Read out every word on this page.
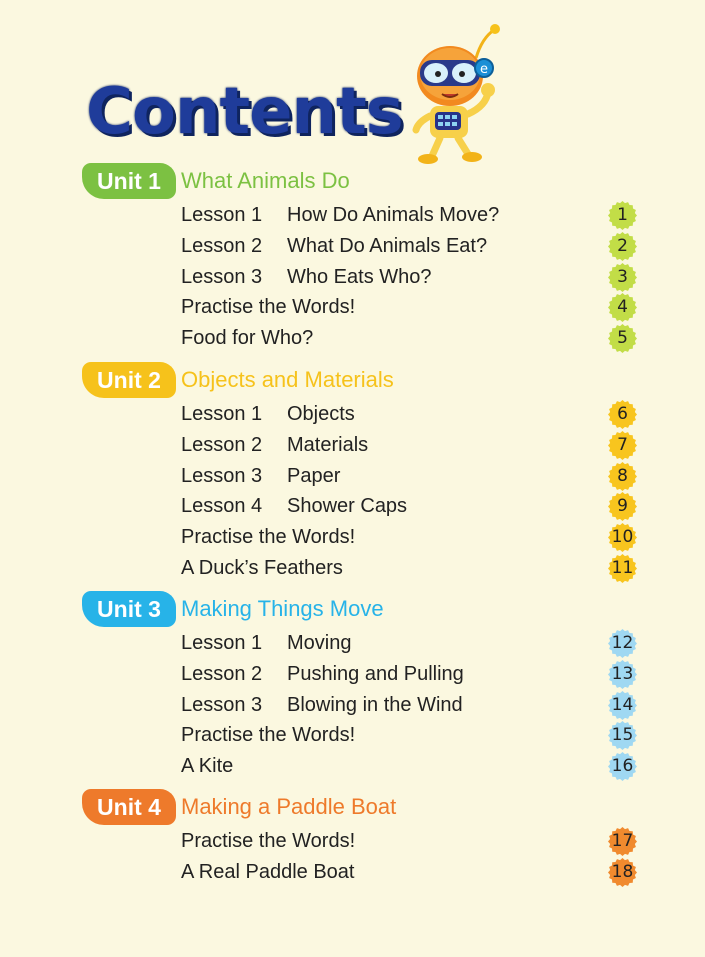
Contents
e
Unit 1 What Animals Do
Lesson 1 How Do Animals Move?	1
Lesson 2 What Do Animals Eat?	2
Lesson 3 Who Eats Who?	3
Practise the Words!	4
Food for Who?	5
Unit 2 Objects and Materials
Lesson 1 Objects	6
Lesson 2 Materials	7
Lesson 3 Paper	8
Lesson 4 Shower Caps	9
Practise the Words!	10
A Duck’s Feathers	11
Unit 3 Making Things Move
Lesson 1 Moving	12
Lesson 2 Pushing and Pulling	13
Lesson 3 Blowing in the Wind	14
Practise the Words!	15
A Kite	16
Unit 4 Making a Paddle Boat
Practise the Words!	17
A Real Paddle Boat	18
